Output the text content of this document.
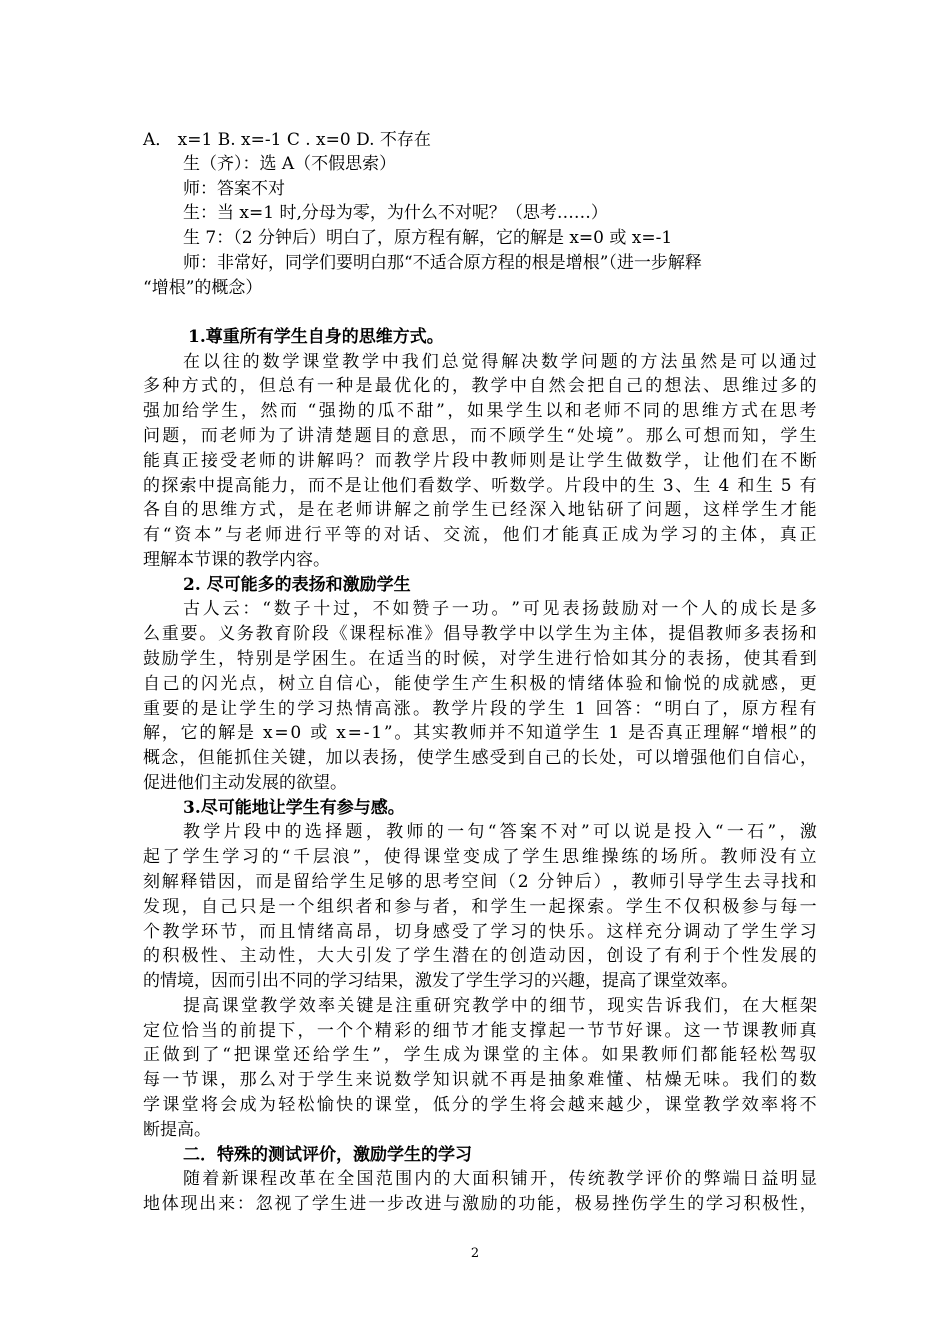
A． x=1 B. x=-1 C . x=0 D. 不存在
生（齐）：选 A（不假思索）
师：答案不对
生：当 x=1 时,分母为零，为什么不对呢？（思考……）
生 7：（2 分钟后）明白了，原方程有解，它的解是 x=0 或 x=-1
师：非常好，同学们要明白那“不适合原方程的根是增根”（进一步解释
“增根”的概念）
1.尊重所有学生自身的思维方式。
在 以 往 的 数 学 课 堂 教 学 中 我 们 总 觉 得 解 决 数 学 问 题 的 方 法 虽 然 是 可 以 通 过
多 种 方 式 的 ， 但 总 有 一 种 是 最 优 化 的 ， 教 学 中 自 然 会 把 自 己 的 想 法 、 思 维 过 多 的
强 加 给 学 生 ， 然 而
“ 强 拗 的 瓜 不 甜 ” ， 如 果 学 生 以 和 老 师 不 同 的 思 维 方 式 在 思 考
问 题 ， 而 老 师 为 了 讲 清 楚 题 目 的 意 思 ， 而 不 顾 学 生 “ 处 境 ” 。 那 么 可 想 而 知 ， 学 生
能 真 正 接 受 老 师 的 讲 解 吗 ？ 而 教 学 片 段 中 教 师 则 是 让 学 生 做 数 学 ， 让 他 们 在 不 断
的 探 索 中 提 高 能 力 ， 而 不 是 让 他 们 看 数 学 、 听 数 学 。 片 段 中 的 生
3 、 生
4
和 生
5
有
各 自 的 思 维 方 式 ， 是 在 老 师 讲 解 之 前 学 生 已 经 深 入 地 钻 研 了 问 题 ， 这 样 学 生 才 能
有 “ 资 本 ” 与 老 师 进 行 平 等 的 对 话 、 交 流 ， 他 们 才 能 真 正 成 为 学 习 的 主 体 ， 真 正
理解本节课的教学内容。
2. 尽可能多的表扬和激励学生
古 人 云 ： “ 数 子 十 过 ， 不 如 赞 子 一 功 。 ” 可 见 表 扬 鼓 励 对 一 个 人 的 成 长 是 多
么 重 要 。 义 务 教 育 阶 段 《 课 程 标 准 》 倡 导 教 学 中 以 学 生 为 主 体 ， 提 倡 教 师 多 表 扬 和
鼓 励 学 生 ， 特 别 是 学 困 生 。 在 适 当 的 时 候 ， 对 学 生 进 行 恰 如 其 分 的 表 扬 ， 使 其 看 到
自 己 的 闪 光 点 ， 树 立 自 信 心 ， 能 使 学 生 产 生 积 极 的 情 绪 体 验 和 愉 悦 的 成 就 感 ， 更
重 要 的 是 让 学 生 的 学 习 热 情 高 涨 。 教 学 片 段 的 学 生
1
回 答 ： “ 明 白 了 ， 原 方 程 有
解 ， 它 的 解 是
x = 0
或
x = - 1 ” 。 其 实 教 师 并 不 知 道 学 生
1
是 否 真 正 理 解 “ 增 根 ” 的
概 念 ， 但 能 抓 住 关 键 ， 加 以 表 扬 ， 使 学 生 感 受 到 自 己 的 长 处 ， 可 以 增 强 他 们 自 信 心 ，
促进他们主动发展的欲望。
3.尽可能地让学生有参与感。
教 学 片 段 中 的 选 择 题 ， 教 师 的 一 句 “ 答 案 不 对 ” 可 以 说 是 投 入 “ 一 石 ” ， 激
起 了 学 生 学 习 的 “ 千 层 浪 ” ， 使 得 课 堂 变 成 了 学 生 思 维 操 练 的 场 所 。 教 师 没 有 立
刻 解 释 错 因 ， 而 是 留 给 学 生 足 够 的 思 考 空 间 （ 2
分 钟 后 ） ， 教 师 引 导 学 生 去 寻 找 和
发 现 ， 自 己 只 是 一 个 组 织 者 和 参 与 者 ， 和 学 生 一 起 探 索 。 学 生 不 仅 积 极 参 与 每 一
个 教 学 环 节 ， 而 且 情 绪 高 昂 ， 切 身 感 受 了 学 习 的 快 乐 。 这 样 充 分 调 动 了 学 生 学 习
的 积 极 性 、 主 动 性 ， 大 大 引 发 了 学 生 潜 在 的 创 造 动 因 ， 创 设 了 有 利 于 个 性 发 展 的
的情境，因而引出不同的学习结果，激发了学生学习的兴趣，提高了课堂效率。
提 高 课 堂 教 学 效 率 关 键 是 注 重 研 究 教 学 中 的 细 节 ， 现 实 告 诉 我 们 ， 在 大 框 架
定 位 恰 当 的 前 提 下 ， 一 个 个 精 彩 的 细 节 才 能 支 撑 起 一 节 节 好 课 。 这 一 节 课 教 师 真
正 做 到 了 “ 把 课 堂 还 给 学 生 ” ， 学 生 成 为 课 堂 的 主 体 。 如 果 教 师 们 都 能 轻 松 驾 驭
每 一 节 课 ， 那 么 对 于 学 生 来 说 数 学 知 识 就 不 再 是 抽 象 难 懂 、 枯 燥 无 味 。 我 们 的 数
学 课 堂 将 会 成 为 轻 松 愉 快 的 课 堂 ， 低 分 的 学 生 将 会 越 来 越 少 ， 课 堂 教 学 效 率 将 不
断提高。
二．特殊的测试评价，激励学生的学习
随 着 新 课 程 改 革 在 全 国 范 围 内 的 大 面 积 铺 开 ， 传 统 教 学 评 价 的 弊 端 日 益 明 显
地 体 现 出 来 ： 忽 视 了 学 生 进 一 步 改 进 与 激 励 的 功 能 ， 极 易 挫 伤 学 生 的 学 习 积 极 性 ，
2
